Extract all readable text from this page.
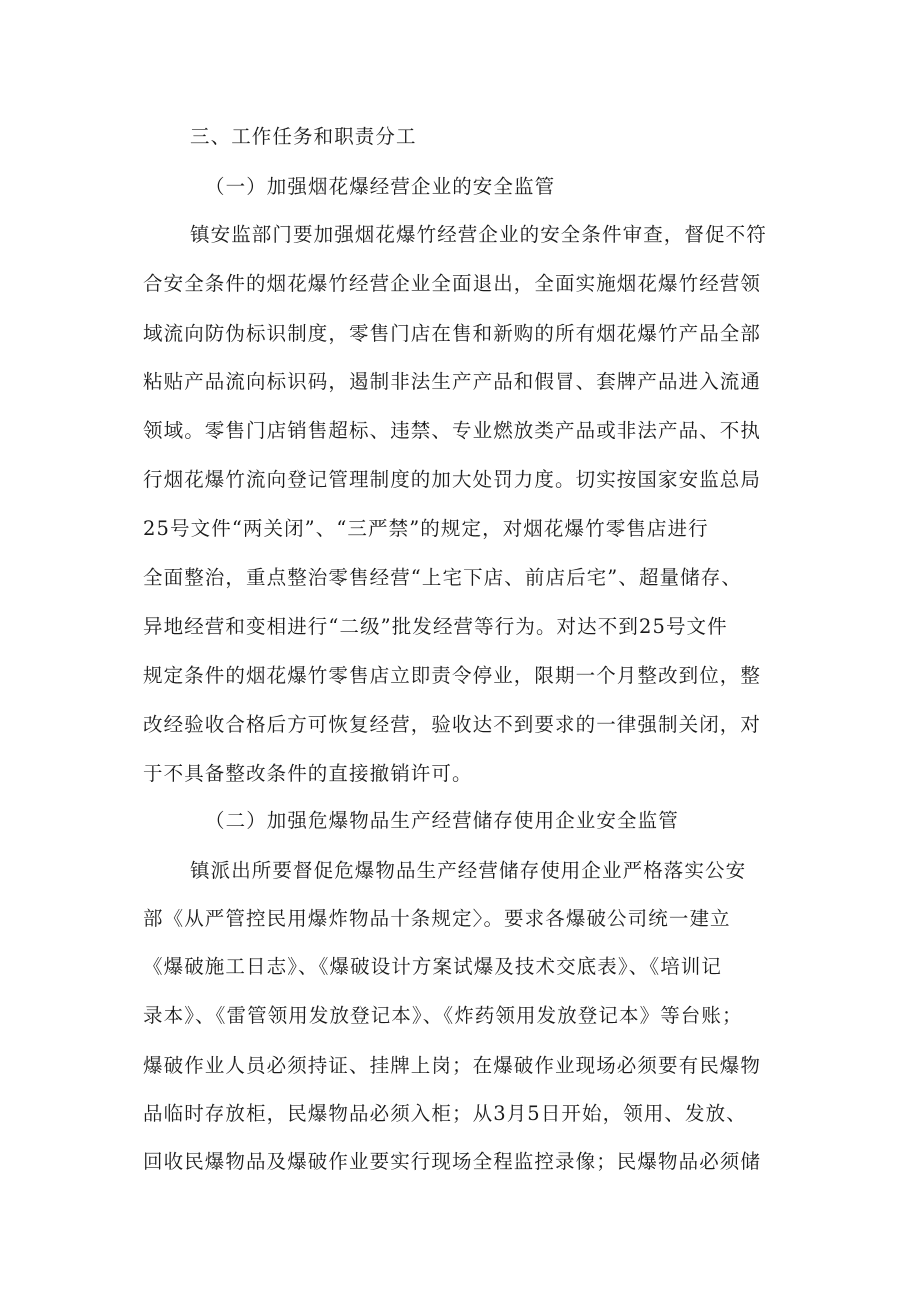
三、工作任务和职责分工
（一）加强烟花爆经营企业的安全监管
镇安监部门要加强烟花爆竹经营企业的安全条件审查，督促不符
合安全条件的烟花爆竹经营企业全面退出，全面实施烟花爆竹经营领
域流向防伪标识制度，零售门店在售和新购的所有烟花爆竹产品全部
粘贴产品流向标识码，遏制非法生产产品和假冒、套牌产品进入流通
领域。零售门店销售超标、违禁、专业燃放类产品或非法产品、不执
行烟花爆竹流向登记管理制度的加大处罚力度。切实按国家安监总局
25号文件“两关闭”、“三严禁”的规定，对烟花爆竹零售店进行
全面整治，重点整治零售经营“上宅下店、前店后宅”、超量储存、
异地经营和变相进行“二级”批发经营等行为。对达不到25号文件
规定条件的烟花爆竹零售店立即责令停业，限期一个月整改到位，整
改经验收合格后方可恢复经营，验收达不到要求的一律强制关闭，对
于不具备整改条件的直接撤销许可。
（二）加强危爆物品生产经营储存使用企业安全监管
镇派出所要督促危爆物品生产经营储存使用企业严格落实公安
部《从严管控民用爆炸物品十条规定〉。要求各爆破公司统一建立
《爆破施工日志》、《爆破设计方案试爆及技术交底表》、《培训记
录本》、《雷管领用发放登记本》、《炸药领用发放登记本》等台账；
爆破作业人员必须持证、挂牌上岗；在爆破作业现场必须要有民爆物
品临时存放柜，民爆物品必须入柜；从3月5日开始，领用、发放、
回收民爆物品及爆破作业要实行现场全程监控录像；民爆物品必须储
